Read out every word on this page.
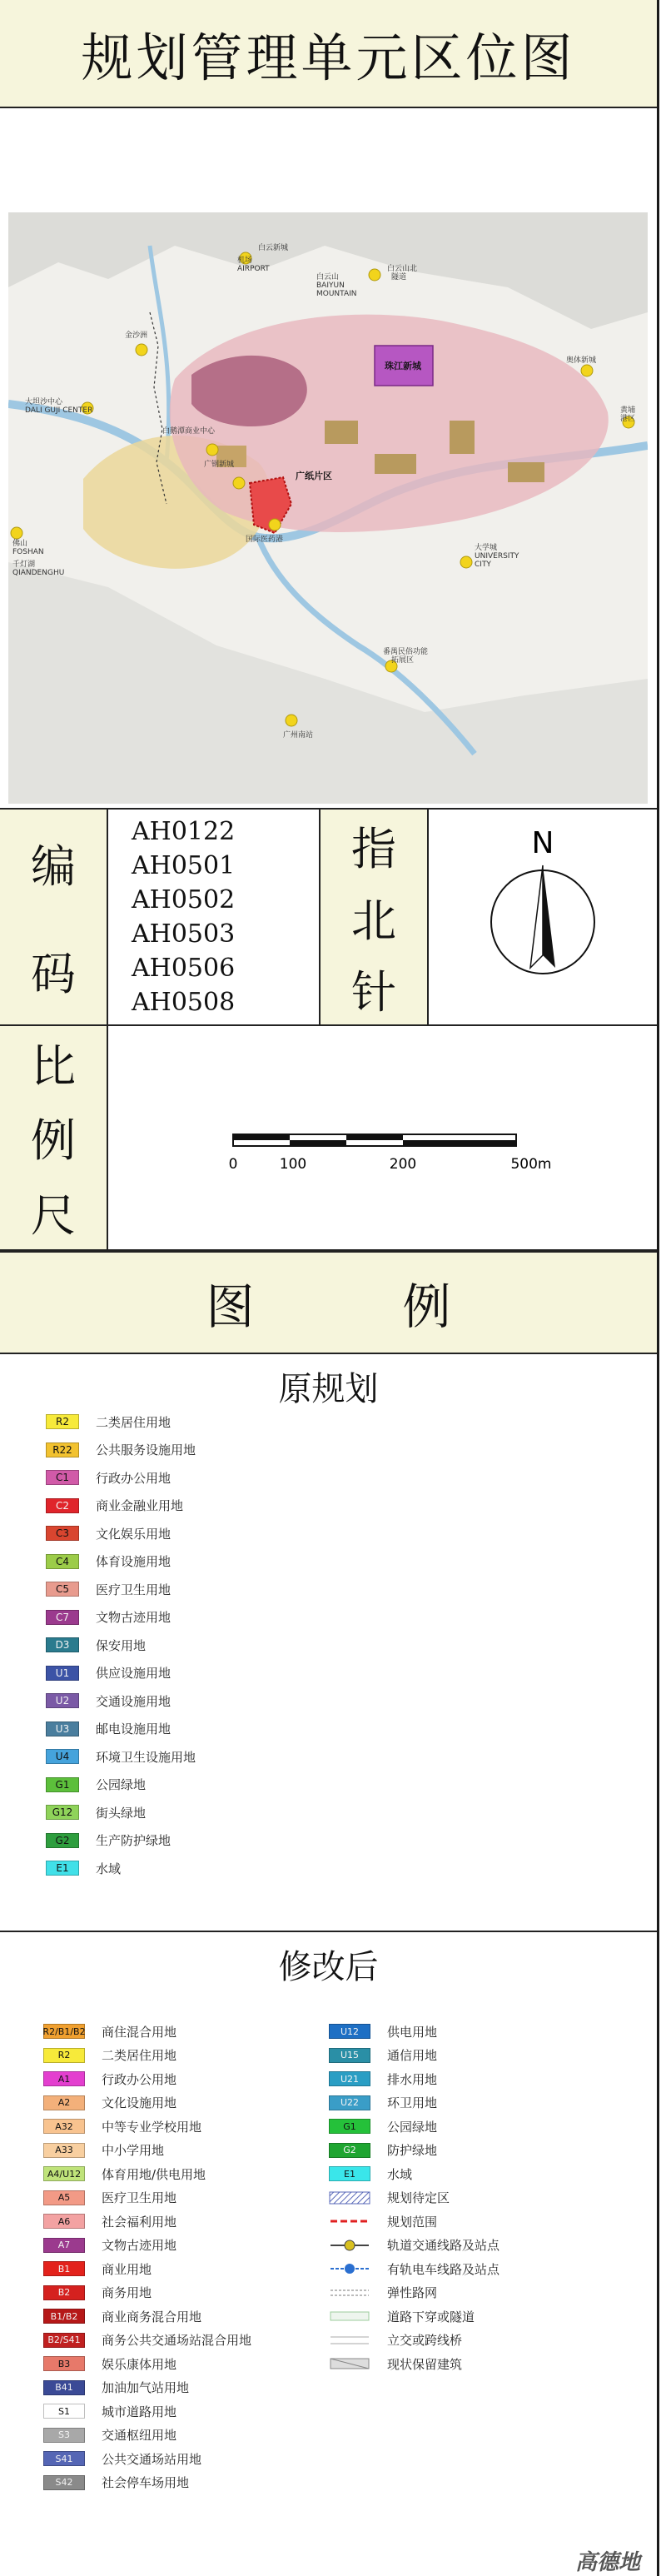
规划管理单元区位图
白云新城
机场
AIRPORT
白云山
BAIYUN
MOUNTAIN
白云山北
隧道
金沙洲
珠江新城	奥体新城
黄埔
港区
大坦沙中心
DALI GUJI CENTER
白鹅潭商业中心
广钢新城
广纸片区
佛山
FOSHAN
千灯湖
QIANDENGHU
国际医药港
大学城
UNIVERSITY
CITY
番禺民俗功能
拓展区
广州南站
编
码
AH0122
AH0501
AH0502
AH0503
AH0506
AH0508
指
北
针
N
比
例
尺
0	100	200	500m
图　例
原规划
R2	二类居住用地
R22	公共服务设施用地
C1	行政办公用地
C2	商业金融业用地
C3	文化娱乐用地
C4	体育设施用地
C5	医疗卫生用地
C7	文物古迹用地
D3	保安用地
U1	供应设施用地
U2	交通设施用地
U3	邮电设施用地
U4	环境卫生设施用地
G1	公园绿地
G12	街头绿地
G2	生产防护绿地
E1	水域
修改后
R2/B1/B2 商住混合用地
R2	二类居住用地
A1	行政办公用地
A2	文化设施用地
A32	中等专业学校用地
A33	中小学用地
A4/U12	体育用地/供电用地
A5	医疗卫生用地
A6	社会福利用地
A7	文物古迹用地
B1	商业用地
B2	商务用地
B1/B2	商业商务混合用地
B2/S41	商务公共交通场站混合用地
B3	娱乐康体用地
B41	加油加气站用地
S1	城市道路用地
S3	交通枢纽用地
S41	公共交通场站用地
S42	社会停车场用地
U12	供电用地
U15	通信用地
U21	排水用地
U22	环卫用地
G1	公园绿地
G2	防护绿地
E1	水域
规划待定区
规划范围
轨道交通线路及站点
有轨电车线路及站点
弹性路网
道路下穿或隧道
立交或跨线桥
现状保留建筑
高德地
